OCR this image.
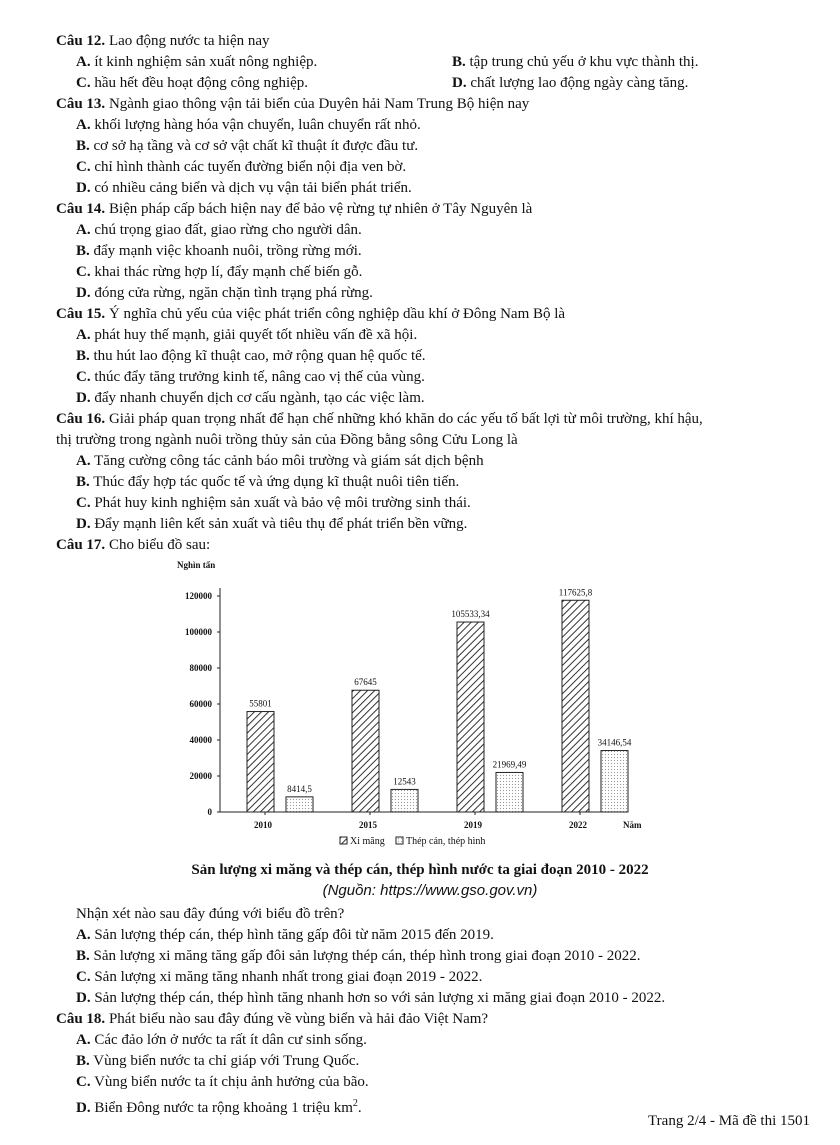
Câu 12. Lao động nước ta hiện nay
A. ít kinh nghiệm sản xuất nông nghiệp.	B. tập trung chủ yếu ở khu vực thành thị.
C. hầu hết đều hoạt động công nghiệp.	D. chất lượng lao động ngày càng tăng.
Câu 13. Ngành giao thông vận tải biển của Duyên hải Nam Trung Bộ hiện nay
A. khối lượng hàng hóa vận chuyển, luân chuyển rất nhỏ.
B. cơ sở hạ tầng và cơ sở vật chất kĩ thuật ít được đầu tư.
C. chỉ hình thành các tuyến đường biển nội địa ven bờ.
D. có nhiều cảng biển và dịch vụ vận tải biển phát triển.
Câu 14. Biện pháp cấp bách hiện nay để bảo vệ rừng tự nhiên ở Tây Nguyên là
A. chú trọng giao đất, giao rừng cho người dân.
B. đẩy mạnh việc khoanh nuôi, trồng rừng mới.
C. khai thác rừng hợp lí, đẩy mạnh chế biến gỗ.
D. đóng cửa rừng, ngăn chặn tình trạng phá rừng.
Câu 15. Ý nghĩa chủ yếu của việc phát triển công nghiệp dầu khí ở Đông Nam Bộ là
A. phát huy thế mạnh, giải quyết tốt nhiều vấn đề xã hội.
B. thu hút lao động kĩ thuật cao, mở rộng quan hệ quốc tế.
C. thúc đẩy tăng trưởng kinh tế, nâng cao vị thế của vùng.
D. đẩy nhanh chuyển dịch cơ cấu ngành, tạo các việc làm.
Câu 16. Giải pháp quan trọng nhất để hạn chế những khó khăn do các yếu tố bất lợi từ môi trường, khí hậu,
thị trường trong ngành nuôi trồng thủy sản của Đồng bằng sông Cửu Long là
A. Tăng cường công tác cảnh báo môi trường và giám sát dịch bệnh
B. Thúc đẩy hợp tác quốc tế và ứng dụng kĩ thuật nuôi tiên tiến.
C. Phát huy kinh nghiệm sản xuất và bảo vệ môi trường sinh thái.
D. Đẩy mạnh liên kết sản xuất và tiêu thụ để phát triển bền vững.
Câu 17. Cho biểu đồ sau:
Nhận xét nào sau đây đúng với biểu đồ trên?
A. Sản lượng thép cán, thép hình tăng gấp đôi từ năm 2015 đến 2019.
B. Sản lượng xi măng tăng gấp đôi sản lượng thép cán, thép hình trong giai đoạn 2010 - 2022.
C. Sản lượng xi măng tăng nhanh nhất trong giai đoạn 2019 - 2022.
D. Sản lượng thép cán, thép hình tăng nhanh hơn so với sản lượng xi măng giai đoạn 2010 - 2022.
Câu 18. Phát biểu nào sau đây đúng về vùng biển và hải đảo Việt Nam?
A. Các đảo lớn ở nước ta rất ít dân cư sinh sống.
B. Vùng biển nước ta chỉ giáp với Trung Quốc.
C. Vùng biển nước ta ít chịu ảnh hưởng của bão.
D. Biển Đông nước ta rộng khoảng 1 triệu $km^2$.
0
20000
40000
60000
80000
100000
120000
Nghìn tấn
Năm
55801
8414,5
2010
67645
12543
2015
105533,34
21969,49
2019
117625,8
34146,54
2022
Xi măng Thép cán, thép hình
Sản lượng xi măng và thép cán, thép hình nước ta giai đoạn 2010 - 2022
(Nguồn: https://www.gso.gov.vn)
Trang 2/4 - Mã đề thi 1501
